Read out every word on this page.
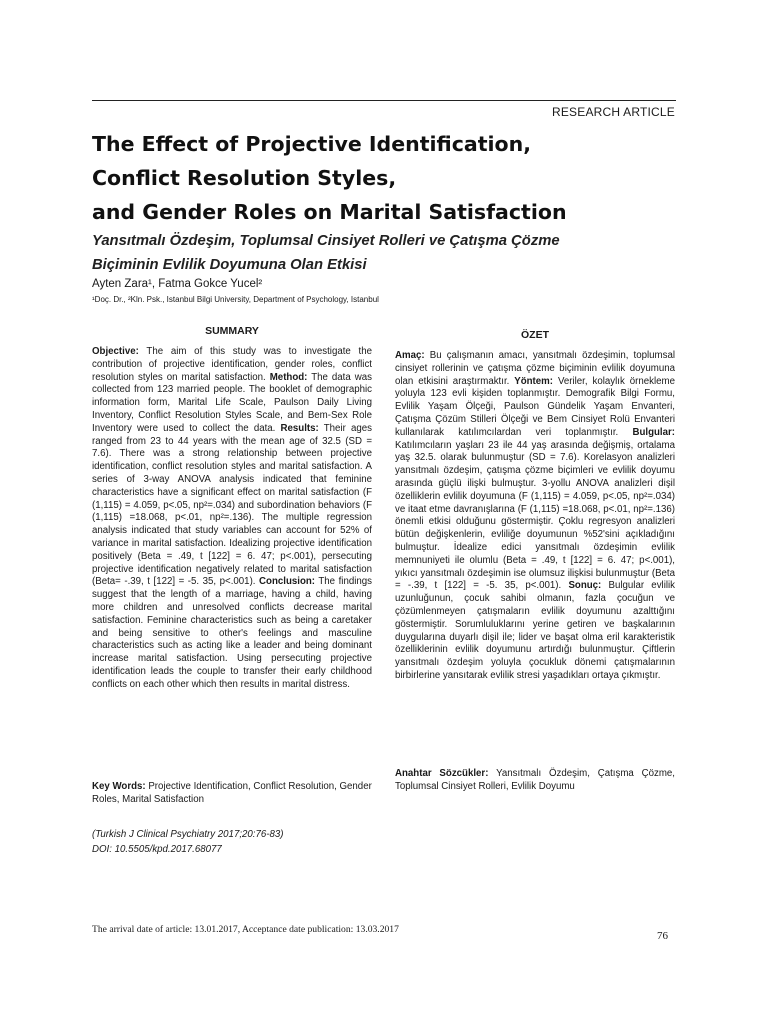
RESEARCH ARTICLE
The Effect of Projective Identification,
Conflict Resolution Styles,
and Gender Roles on Marital Satisfaction
Yansıtmalı Özdeşim, Toplumsal Cinsiyet Rolleri ve Çatışma Çözme
Biçiminin Evlilik Doyumuna Olan Etkisi
Ayten Zara¹, Fatma Gokce Yucel²
¹Doç. Dr., ²Kln. Psk., Istanbul Bilgi University, Department of Psychology, Istanbul
SUMMARY	ÖZET

Objective: The aim of this study was to investigate the contribution of projective identification, gender roles, conflict resolution styles on marital satisfaction. Method: The data was collected from 123 married people. The booklet of demographic information form, Marital Life Scale, Paulson Daily Living Inventory, Conflict Resolution Styles Scale, and Bem-Sex Role Inventory were used to collect the data. Results: Their ages ranged from 23 to 44 years with the mean age of 32.5 (SD = 7.6). There was a strong relationship between projective identification, conflict resolution styles and marital satisfaction. A series of 3-way ANOVA analysis indicated that feminine characteristics have a significant effect on marital satisfaction (F (1,115) = 4.059, p<.05, np²=.034) and subordination behaviors (F (1,115) =18.068, p<.01, np²=.136). The multiple regression analysis indicated that study variables can account for 52% of variance in marital satisfaction. Idealizing projective identification positively (Beta = .49, t [122] = 6. 47; p<.001), persecuting projective identification negatively related to marital satisfaction (Beta= -.39, t [122] = -5. 35, p<.001). Conclusion: The findings suggest that the length of a marriage, having a child, having more children and unresolved conflicts decrease marital satisfaction. Feminine characteristics such as being a caretaker and being sensitive to other's feelings and masculine characteristics such as acting like a leader and being dominant increase marital satisfaction. Using persecuting projective identification leads the couple to transfer their early childhood conflicts on each other which then results in marital distress.

Amaç: Bu çalışmanın amacı, yansıtmalı özdeşimin, toplumsal cinsiyet rollerinin ve çatışma çözme biçiminin evlilik doyumuna olan etkisini araştırmaktır. Yöntem: Veriler, kolaylık örnekleme yoluyla 123 evli kişiden toplanmıştır. Demografik Bilgi Formu, Evlilik Yaşam Ölçeği, Paulson Gündelik Yaşam Envanteri, Çatışma Çözüm Stilleri Ölçeği ve Bem Cinsiyet Rolü Envanteri kullanılarak katılımcılardan veri toplanmıştır. Bulgular: Katılımcıların yaşları 23 ile 44 yaş arasında değişmiş, ortalama yaş 32.5. olarak bulunmuştur (SD = 7.6). Korelasyon analizleri yansıtmalı özdeşim, çatışma çözme biçimleri ve evlilik doyumu arasında güçlü ilişki bulmuştur. 3-yollu ANOVA analizleri dişil özelliklerin evlilik doyumuna (F (1,115) = 4.059, p<.05, np²=.034) ve itaat etme davranışlarına (F (1,115) =18.068, p<.01, np²=.136) önemli etkisi olduğunu göstermiştir. Çoklu regresyon analizleri bütün değişkenlerin, evliliğe doyumunun %52'sini açıkladığını bulmuştur. İdealize edici yansıtmalı özdeşimin evlilik memnuniyeti ile olumlu (Beta = .49, t [122] = 6. 47; p<.001), yıkıcı yansıtmalı özdeşimin ise olumsuz ilişkisi bulunmuştur (Beta = -.39, t [122] = -5. 35, p<.001). Sonuç: Bulgular evlilik uzunluğunun, çocuk sahibi olmanın, fazla çocuğun ve çözümlenmeyen çatışmaların evlilik doyumunu azalttığını göstermiştir. Sorumluluklarını yerine getiren ve başkalarının duygularına duyarlı dişil ile; lider ve başat olma eril karakteristik özelliklerinin evlilik doyumunu artırdığı bulunmuştur. Çiftlerin yansıtmalı özdeşim yoluyla çocukluk dönemi çatışmalarının birbirlerine yansıtarak evlilik stresi yaşadıkları ortaya çıkmıştır.

Key Words: Projective Identification, Conflict Resolution, Gender Roles, Marital Satisfaction

Anahtar Sözcükler: Yansıtmalı Özdeşim, Çatışma Çözme, Toplumsal Cinsiyet Rolleri, Evlilik Doyumu

(Turkish J Clinical Psychiatry 2017;20:76-83)
DOI: 10.5505/kpd.2017.68077
The arrival date of article: 13.01.2017, Acceptance date publication: 13.03.2017
76
